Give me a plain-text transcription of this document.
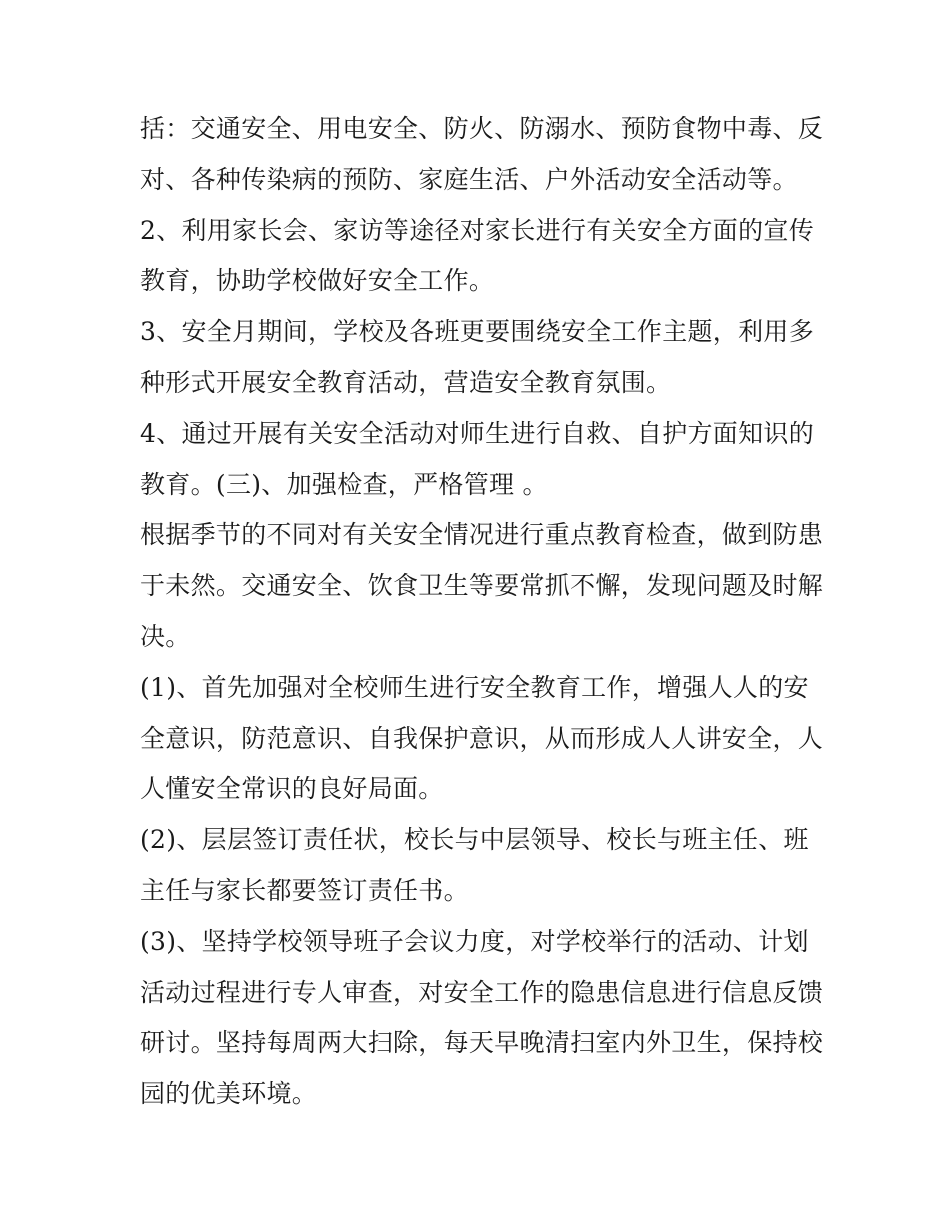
括：交通安全、用电安全、防火、防溺水、预防食物中毒、反
对、各种传染病的预防、家庭生活、户外活动安全活动等。
2、利用家长会、家访等途径对家长进行有关安全方面的宣传
教育，协助学校做好安全工作。
3、安全月期间，学校及各班更要围绕安全工作主题，利用多
种形式开展安全教育活动，营造安全教育氛围。
4、通过开展有关安全活动对师生进行自救、自护方面知识的
教育。(三)、加强检查，严格管理 。
根据季节的不同对有关安全情况进行重点教育检查，做到防患
于未然。交通安全、饮食卫生等要常抓不懈，发现问题及时解
决。
(1)、首先加强对全校师生进行安全教育工作，增强人人的安
全意识，防范意识、自我保护意识，从而形成人人讲安全，人
人懂安全常识的良好局面。
(2)、层层签订责任状，校长与中层领导、校长与班主任、班
主任与家长都要签订责任书。
(3)、坚持学校领导班子会议力度，对学校举行的活动、计划
活动过程进行专人审查，对安全工作的隐患信息进行信息反馈
研讨。坚持每周两大扫除，每天早晚清扫室内外卫生，保持校
园的优美环境。
